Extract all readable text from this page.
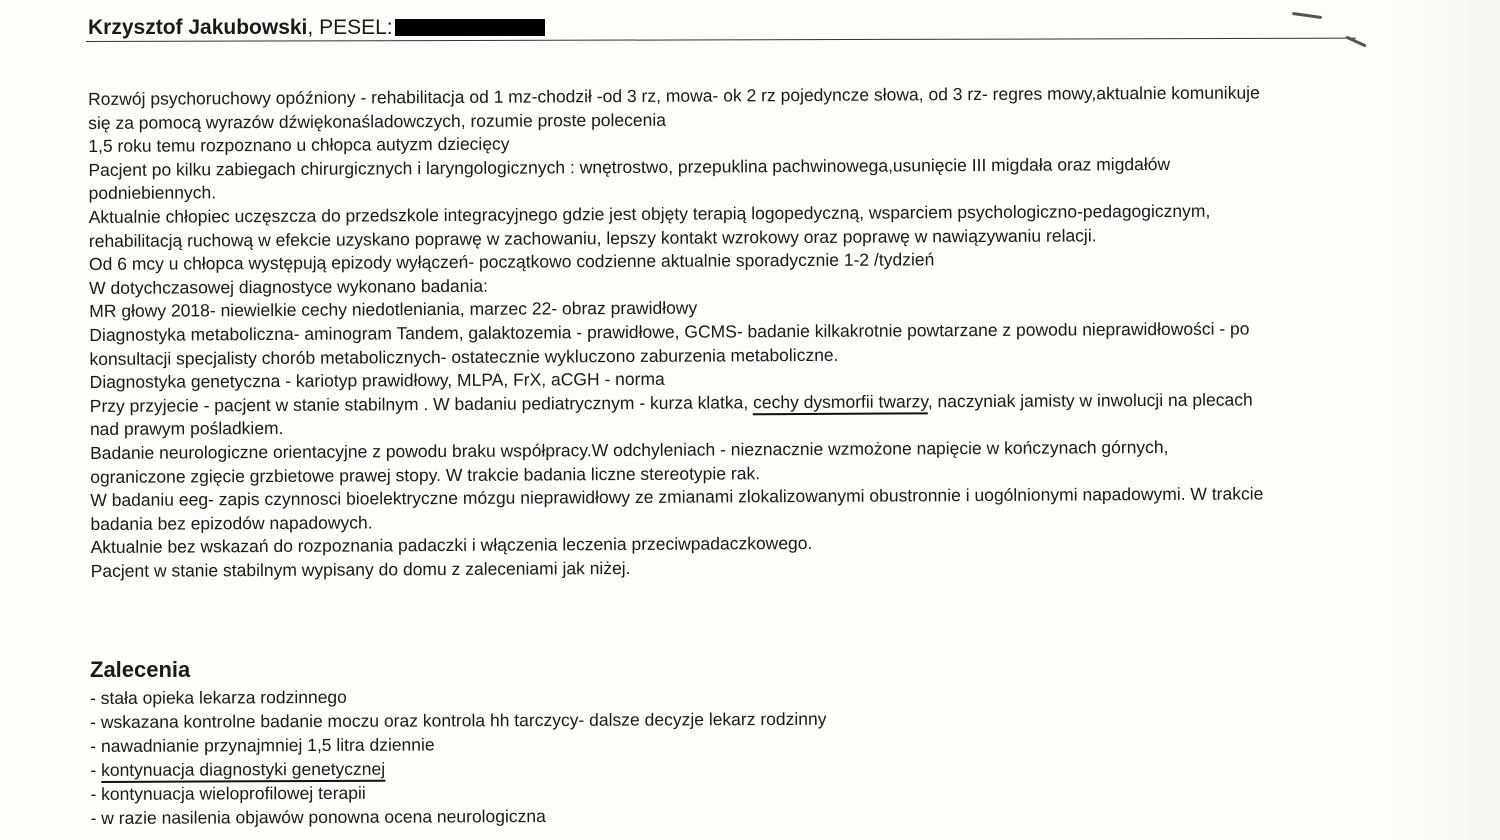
Krzysztof Jakubowski, PESEL:
Rozwój psychoruchowy opóźniony - rehabilitacja od 1 mz-chodził -od 3 rz, mowa- ok 2 rz pojedyncze słowa, od 3 rz- regres mowy,aktualnie komunikuje
się za pomocą wyrazów dźwiękonaśladowczych, rozumie proste polecenia
1,5 roku temu rozpoznano u chłopca autyzm dziecięcy
Pacjent po kilku zabiegach chirurgicznych i laryngologicznych : wnętrostwo, przepuklina pachwinowega,usunięcie III migdała oraz migdałów
podniebiennych.
Aktualnie chłopiec uczęszcza do przedszkole integracyjnego gdzie jest objęty terapią logopedyczną, wsparciem psychologiczno-pedagogicznym,
rehabilitacją ruchową w efekcie uzyskano poprawę w zachowaniu, lepszy kontakt wzrokowy oraz poprawę w nawiązywaniu relacji.
Od 6 mcy u chłopca występują epizody wyłączeń- początkowo codzienne aktualnie sporadycznie 1-2 /tydzień
W dotychczasowej diagnostyce wykonano badania:
MR głowy 2018- niewielkie cechy niedotleniania, marzec 22- obraz prawidłowy
Diagnostyka metaboliczna- aminogram Tandem, galaktozemia - prawidłowe, GCMS- badanie kilkakrotnie powtarzane z powodu nieprawidłowości - po
konsultacji specjalisty chorób metabolicznych- ostatecznie wykluczono zaburzenia metaboliczne.
Diagnostyka genetyczna - kariotyp prawidłowy, MLPA, FrX, aCGH - norma
Przy przyjecie - pacjent w stanie stabilnym . W badaniu pediatrycznym - kurza klatka, cechy dysmorfii twarzy, naczyniak jamisty w inwolucji na plecach
nad prawym pośladkiem.
Badanie neurologiczne orientacyjne z powodu braku współpracy.W odchyleniach - nieznacznie wzmożone napięcie w kończynach górnych,
ograniczone zgięcie grzbietowe prawej stopy. W trakcie badania liczne stereotypie rak.
W badaniu eeg- zapis czynnosci bioelektryczne mózgu nieprawidłowy ze zmianami zlokalizowanymi obustronnie i uogólnionymi napadowymi. W trakcie
badania bez epizodów napadowych.
Aktualnie bez wskazań do rozpoznania padaczki i włączenia leczenia przeciwpadaczkowego.
Pacjent w stanie stabilnym wypisany do domu z zaleceniami jak niżej.
Zalecenia
- stała opieka lekarza rodzinnego
- wskazana kontrolne badanie moczu oraz kontrola hh tarczycy- dalsze decyzje lekarz rodzinny
- nawadnianie przynajmniej 1,5 litra dziennie
- kontynuacja diagnostyki genetycznej
- kontynuacja wieloprofilowej terapii
- w razie nasilenia objawów ponowna ocena neurologiczna
